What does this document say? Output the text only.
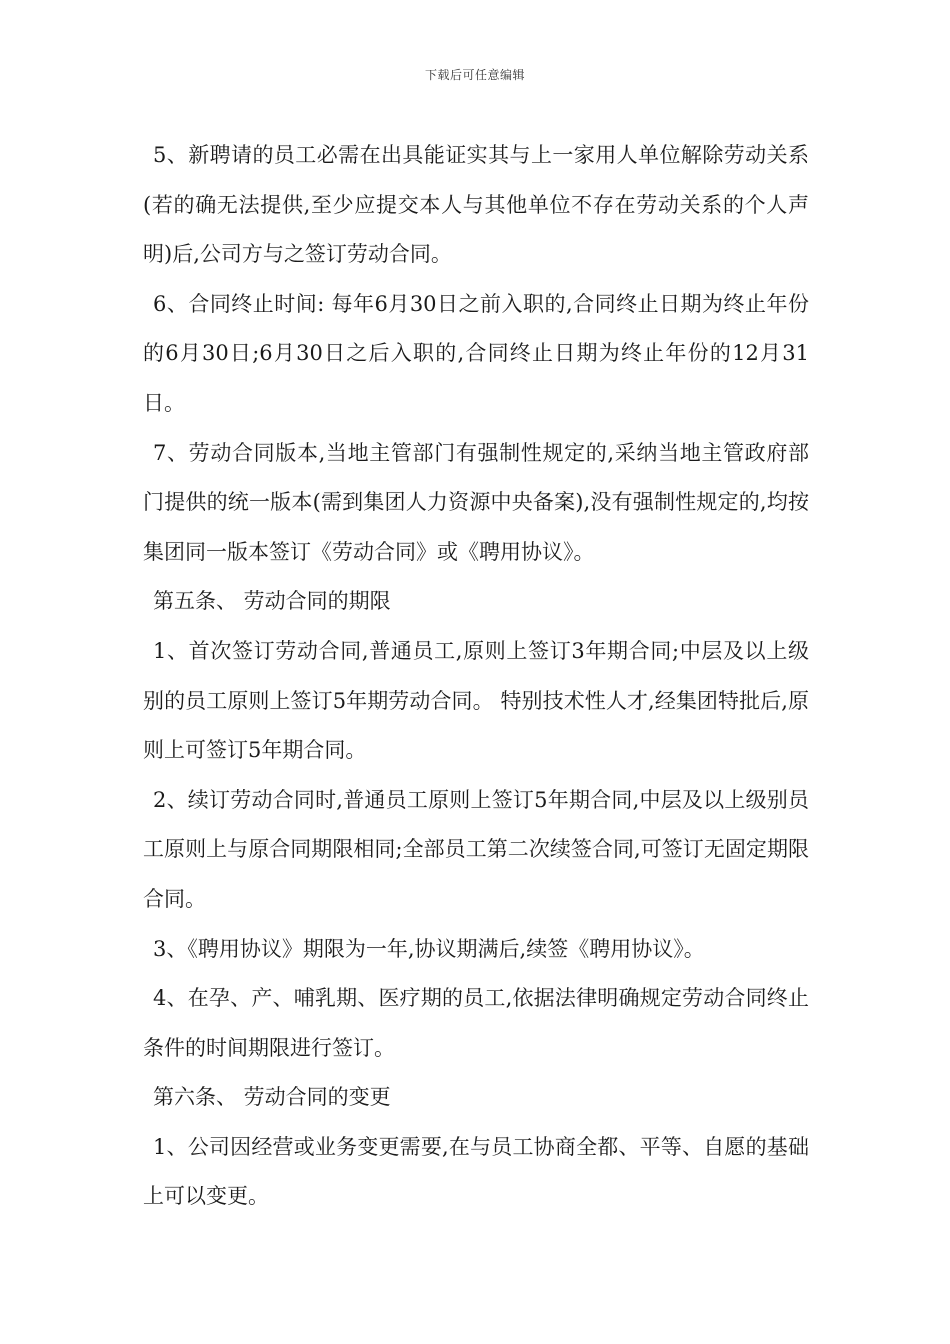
下载后可任意编辑

5、新聘请的员工必需在出具能证实其与上一家用人单位解除劳动关系(若的确无法提供,至少应提交本人与其他单位不存在劳动关系的个人声明)后,公司方与之签订劳动合同。

6、合同终止时间: 每年6月30日之前入职的,合同终止日期为终止年份的6月30日;6月30日之后入职的,合同终止日期为终止年份的12月31日。

7、劳动合同版本,当地主管部门有强制性规定的,采纳当地主管政府部门提供的统一版本(需到集团人力资源中央备案),没有强制性规定的,均按集团同一版本签订《劳动合同》或《聘用协议》。

第五条、 劳动合同的期限

1、首次签订劳动合同,普通员工,原则上签订3年期合同;中层及以上级别的员工原则上签订5年期劳动合同。 特别技术性人才,经集团特批后,原则上可签订5年期合同。

2、续订劳动合同时,普通员工原则上签订5年期合同,中层及以上级别员工原则上与原合同期限相同;全部员工第二次续签合同,可签订无固定期限合同。

3、《聘用协议》期限为一年,协议期满后,续签《聘用协议》。

4、在孕、产、哺乳期、医疗期的员工,依据法律明确规定劳动合同终止条件的时间期限进行签订。

第六条、 劳动合同的变更

1、公司因经营或业务变更需要,在与员工协商全都、平等、自愿的基础上可以变更。
